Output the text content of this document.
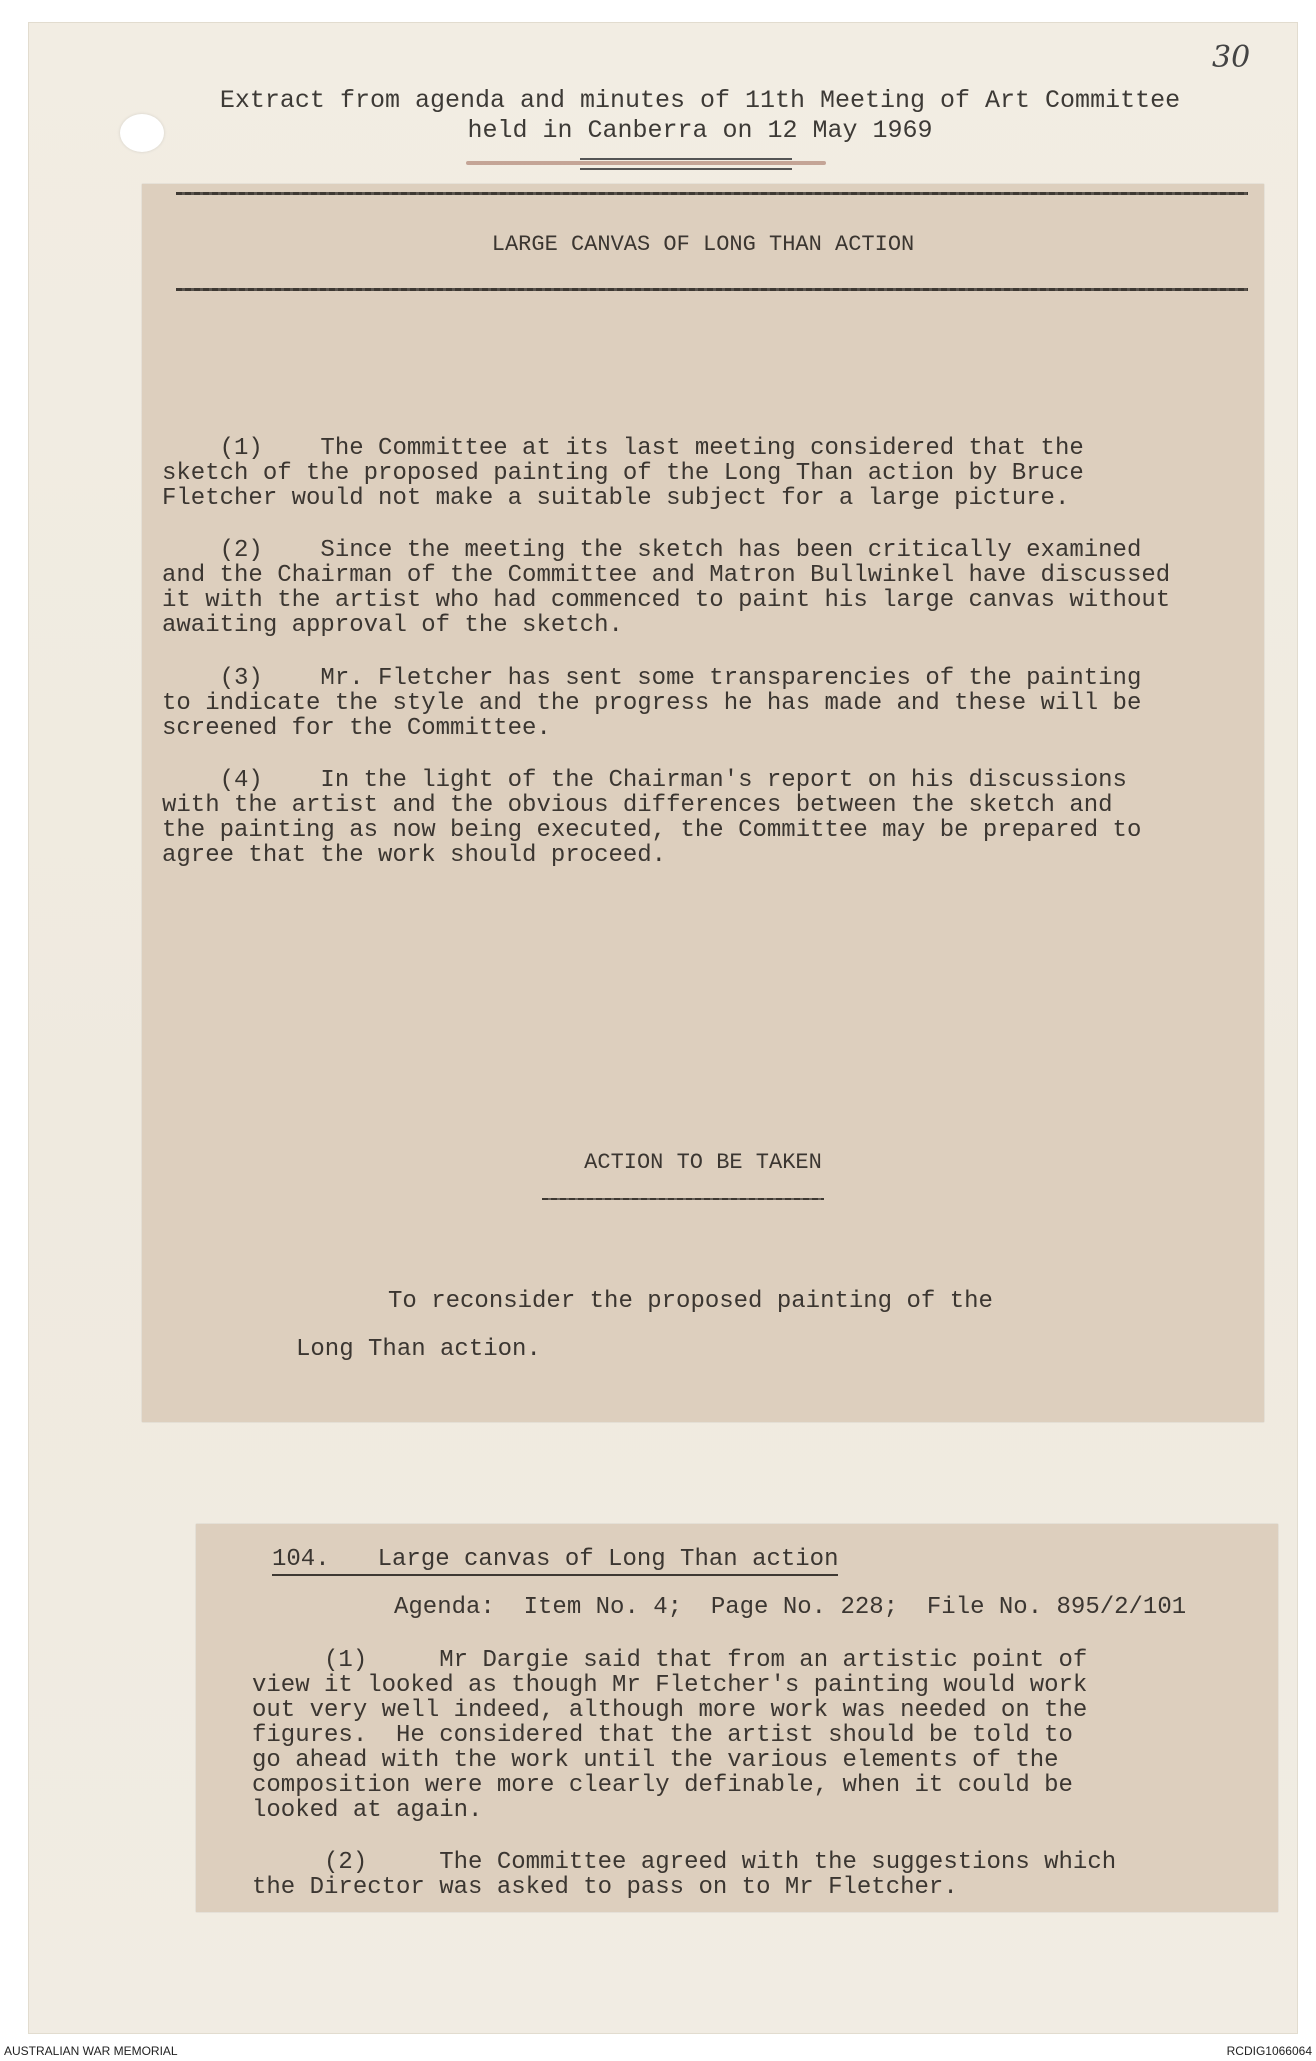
30
Extract from agenda and minutes of 11th Meeting of Art Committee
held in Canberra on 12 May 1969
LARGE CANVAS OF LONG THAN ACTION
(1)    The Committee at its last meeting considered that the
sketch of the proposed painting of the Long Than action by Bruce
Fletcher would not make a suitable subject for a large picture.
(2)    Since the meeting the sketch has been critically examined
and the Chairman of the Committee and Matron Bullwinkel have discussed
it with the artist who had commenced to paint his large canvas without
awaiting approval of the sketch.
(3)    Mr. Fletcher has sent some transparencies of the painting
to indicate the style and the progress he has made and these will be
screened for the Committee.
(4)    In the light of the Chairman's report on his discussions
with the artist and the obvious differences between the sketch and
the painting as now being executed, the Committee may be prepared to
agree that the work should proceed.
ACTION TO BE TAKEN
To reconsider the proposed painting of the
Long Than action.
104. Large canvas of Long Than action
Agenda:  Item No. 4;  Page No. 228;  File No. 895/2/101
(1)     Mr Dargie said that from an artistic point of
view it looked as though Mr Fletcher's painting would work
out very well indeed, although more work was needed on the
figures.  He considered that the artist should be told to
go ahead with the work until the various elements of the
composition were more clearly definable, when it could be
looked at again.
(2)     The Committee agreed with the suggestions which
the Director was asked to pass on to Mr Fletcher.
AUSTRALIAN WAR MEMORIAL	RCDIG1066064
